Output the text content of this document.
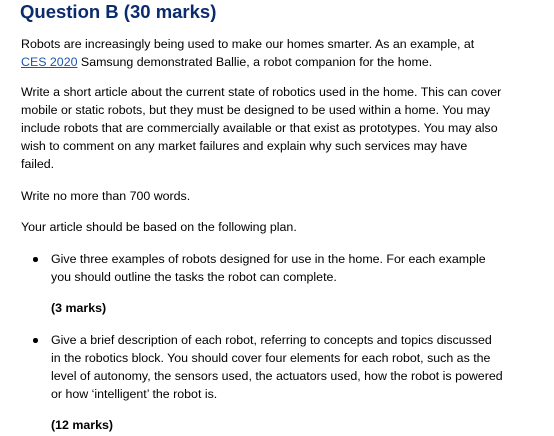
Question B (30 marks)
Robots are increasingly being used to make our homes smarter. As an example, at
CES 2020 Samsung demonstrated Ballie, a robot companion for the home.
Write a short article about the current state of robotics used in the home. This can cover
mobile or static robots, but they must be designed to be used within a home. You may
include robots that are commercially available or that exist as prototypes. You may also
wish to comment on any market failures and explain why such services may have
failed.

Write no more than 700 words.

Your article should be based on the following plan.

Give three examples of robots designed for use in the home. For each example
you should outline the tasks the robot can complete.

(3 marks)

Give a brief description of each robot, referring to concepts and topics discussed
in the robotics block. You should cover four elements for each robot, such as the
level of autonomy, the sensors used, the actuators used, how the robot is powered
or how ‘intelligent’ the robot is.

(12 marks)
